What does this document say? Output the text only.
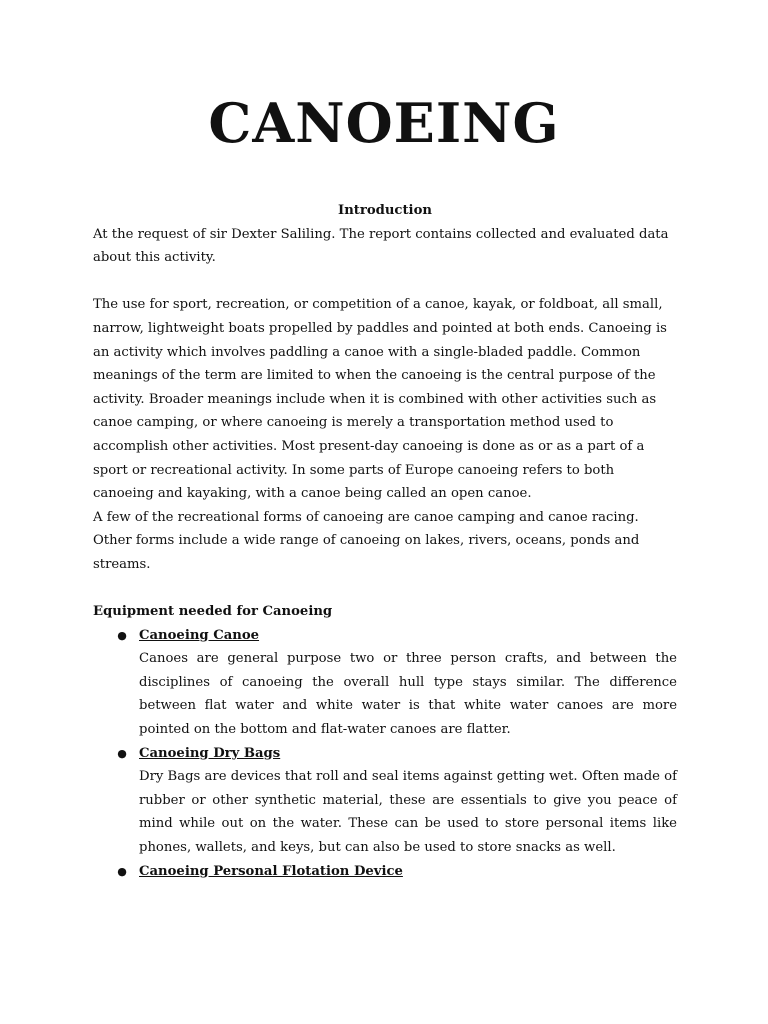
CANOEING

Introduction

At the request of sir Dexter Saliling. The report contains collected and evaluated data about this activity.

The use for sport, recreation, or competition of a canoe, kayak, or foldboat, all small, narrow, lightweight boats propelled by paddles and pointed at both ends. Canoeing is an activity which involves paddling a canoe with a single-bladed paddle. Common meanings of the term are limited to when the canoeing is the central purpose of the activity. Broader meanings include when it is combined with other activities such as canoe camping, or where canoeing is merely a transportation method used to accomplish other activities. Most present-day canoeing is done as or as a part of a sport or recreational activity. In some parts of Europe canoeing refers to both canoeing and kayaking, with a canoe being called an open canoe.

A few of the recreational forms of canoeing are canoe camping and canoe racing. Other forms include a wide range of canoeing on lakes, rivers, oceans, ponds and streams.

Equipment needed for Canoeing

● Canoeing Canoe

Canoes are general purpose two or three person crafts, and between the disciplines of canoeing the overall hull type stays similar. The difference between flat water and white water is that white water canoes are more pointed on the bottom and flat-water canoes are flatter.

● Canoeing Dry Bags

Dry Bags are devices that roll and seal items against getting wet. Often made of rubber or other synthetic material, these are essentials to give you peace of mind while out on the water. These can be used to store personal items like phones, wallets, and keys, but can also be used to store snacks as well.

● Canoeing Personal Flotation Device
